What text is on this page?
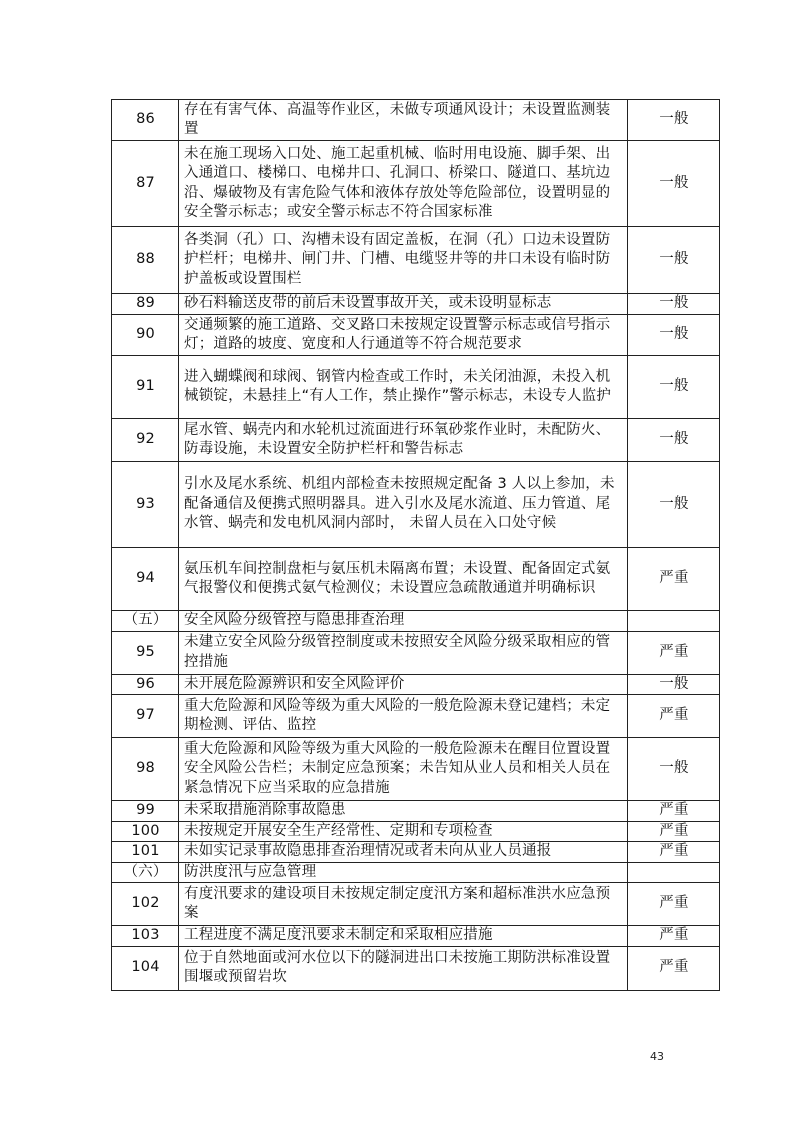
86	存在有害气体、高温等作业区，未做专项通风设计；未设置监测装置	一般
87	未在施工现场入口处、施工起重机械、临时用电设施、脚手架、出入通道口、楼梯口、电梯井口、孔洞口、桥梁口、隧道口、基坑边沿、爆破物及有害危险气体和液体存放处等危险部位，设置明显的安全警示标志；或安全警示标志不符合国家标准	一般
88	各类洞（孔）口、沟槽未设有固定盖板，在洞（孔）口边未设置防护栏杆；电梯井、闸门井、门槽、电缆竖井等的井口未设有临时防护盖板或设置围栏	一般
89	砂石料输送皮带的前后未设置事故开关，或未设明显标志	一般
90	交通频繁的施工道路、交叉路口未按规定设置警示标志或信号指示灯；道路的坡度、宽度和人行通道等不符合规范要求	一般
91	进入蝴蝶阀和球阀、钢管内检查或工作时，未关闭油源，未投入机械锁锭，未悬挂上“有人工作，禁止操作”警示标志，未设专人监护	一般
92	尾水管、蜗壳内和水轮机过流面进行环氧砂浆作业时，未配防火、防毒设施，未设置安全防护栏杆和警告标志	一般
93	引水及尾水系统、机组内部检查未按照规定配备 3 人以上参加，未配备通信及便携式照明器具。进入引水及尾水流道、压力管道、尾水管、蜗壳和发电机风洞内部时， 未留人员在入口处守候	一般
94	氨压机车间控制盘柜与氨压机未隔离布置；未设置、配备固定式氨气报警仪和便携式氨气检测仪；未设置应急疏散通道并明确标识	严重
（五）	安全风险分级管控与隐患排查治理	
95	未建立安全风险分级管控制度或未按照安全风险分级采取相应的管控措施	严重
96	未开展危险源辨识和安全风险评价	一般
97	重大危险源和风险等级为重大风险的一般危险源未登记建档；未定期检测、评估、监控	严重
98	重大危险源和风险等级为重大风险的一般危险源未在醒目位置设置安全风险公告栏；未制定应急预案；未告知从业人员和相关人员在紧急情况下应当采取的应急措施	一般
99	未采取措施消除事故隐患	严重
100	未按规定开展安全生产经常性、定期和专项检查	严重
101	未如实记录事故隐患排查治理情况或者未向从业人员通报	严重
（六）	防洪度汛与应急管理	
102	有度汛要求的建设项目未按规定制定度汛方案和超标准洪水应急预案	严重
103	工程进度不满足度汛要求未制定和采取相应措施	严重
104	位于自然地面或河水位以下的隧洞进出口未按施工期防洪标准设置围堰或预留岩坎	严重
43
